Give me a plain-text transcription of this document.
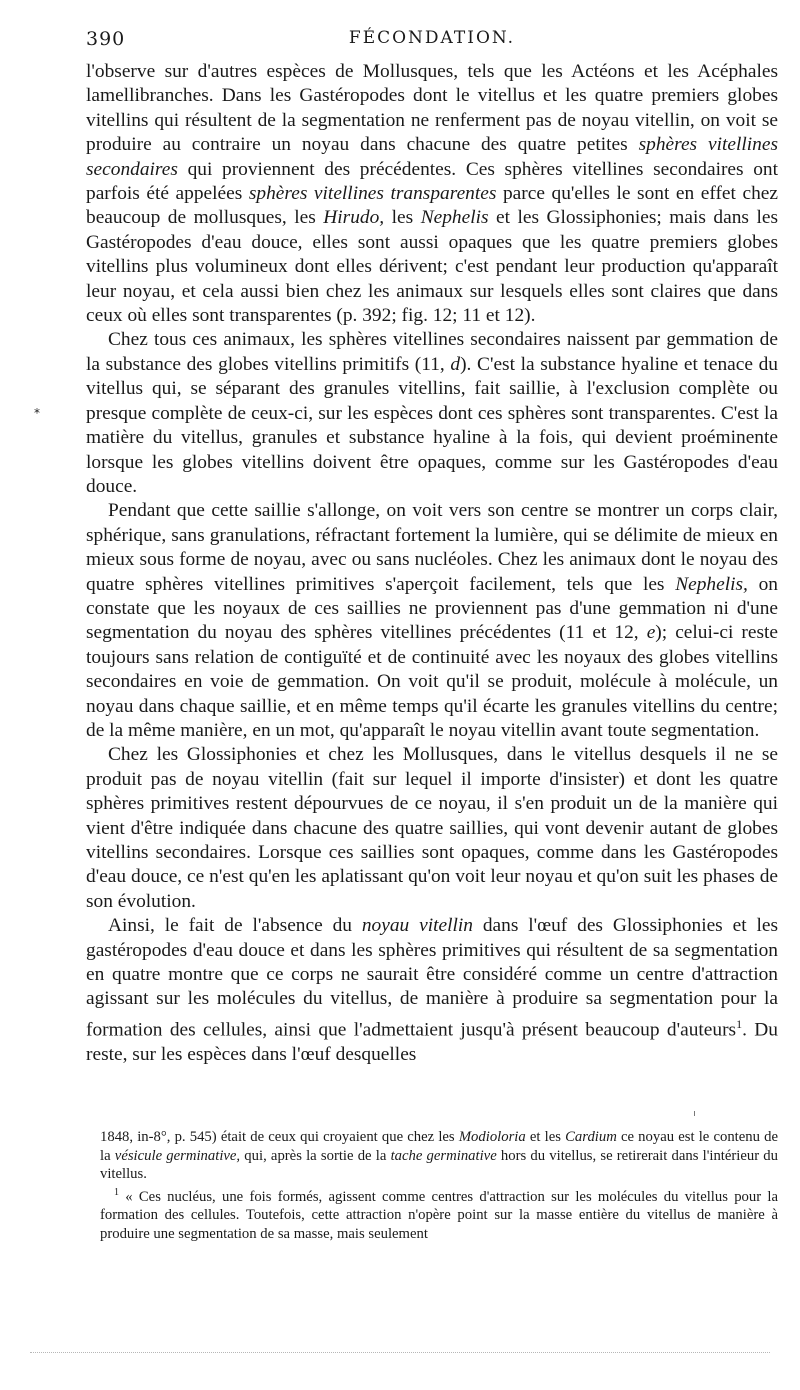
390	FÉCONDATION.
*

l'observe sur d'autres espèces de Mollusques, tels que les Actéons et les Acéphales lamellibranches. Dans les Gastéropodes dont le vitellus et les quatre premiers globes vitellins qui résultent de la segmentation ne renferment pas de noyau vitellin, on voit se produire au contraire un noyau dans chacune des quatre petites sphères vitellines secondaires qui proviennent des précédentes. Ces sphères vitellines secondaires ont parfois été appelées sphères vitellines transparentes parce qu'elles le sont en effet chez beaucoup de mollusques, les Hirudo, les Nephelis et les Glossiphonies; mais dans les Gastéropodes d'eau douce, elles sont aussi opaques que les quatre premiers globes vitellins plus volumineux dont elles dérivent; c'est pendant leur production qu'apparaît leur noyau, et cela aussi bien chez les animaux sur lesquels elles sont claires que dans ceux où elles sont transparentes (p. 392; fig. 12; 11 et 12).

Chez tous ces animaux, les sphères vitellines secondaires naissent par gemmation de la substance des globes vitellins primitifs (11, d). C'est la substance hyaline et tenace du vitellus qui, se séparant des granules vitellins, fait saillie, à l'exclusion complète ou presque complète de ceux-ci, sur les espèces dont ces sphères sont transparentes. C'est la matière du vitellus, granules et substance hyaline à la fois, qui devient proéminente lorsque les globes vitellins doivent être opaques, comme sur les Gastéropodes d'eau douce.

Pendant que cette saillie s'allonge, on voit vers son centre se montrer un corps clair, sphérique, sans granulations, réfractant fortement la lumière, qui se délimite de mieux en mieux sous forme de noyau, avec ou sans nucléoles. Chez les animaux dont le noyau des quatre sphères vitellines primitives s'aperçoit facilement, tels que les Nephelis, on constate que les noyaux de ces saillies ne proviennent pas d'une gemmation ni d'une segmentation du noyau des sphères vitellines précédentes (11 et 12, e); celui-ci reste toujours sans relation de contiguïté et de continuité avec les noyaux des globes vitellins secondaires en voie de gemmation. On voit qu'il se produit, molécule à molécule, un noyau dans chaque saillie, et en même temps qu'il écarte les granules vitellins du centre; de la même manière, en un mot, qu'apparaît le noyau vitellin avant toute segmentation.

Chez les Glossiphonies et chez les Mollusques, dans le vitellus desquels il ne se produit pas de noyau vitellin (fait sur lequel il importe d'insister) et dont les quatre sphères primitives restent dépourvues de ce noyau, il s'en produit un de la manière qui vient d'être indiquée dans chacune des quatre saillies, qui vont devenir autant de globes vitellins secondaires. Lorsque ces saillies sont opaques, comme dans les Gastéropodes d'eau douce, ce n'est qu'en les aplatissant qu'on voit leur noyau et qu'on suit les phases de son évolution.

Ainsi, le fait de l'absence du noyau vitellin dans l'œuf des Glossiphonies et les gastéropodes d'eau douce et dans les sphères primitives qui résultent de sa segmentation en quatre montre que ce corps ne saurait être considéré comme un centre d'attraction agissant sur les molécules du vitellus, de manière à produire sa segmentation pour la formation des cellules, ainsi que l'admettaient jusqu'à présent beaucoup d'auteurs$^1$. Du reste, sur les espèces dans l'œuf desquelles

1848, in-8°, p. 545) était de ceux qui croyaient que chez les Modioloria et les Cardium ce noyau est le contenu de la vésicule germinative, qui, après la sortie de la tache germinative hors du vitellus, se retirerait dans l'intérieur du vitellus.

$^1$ « Ces nucléus, une fois formés, agissent comme centres d'attraction sur les molécules du vitellus pour la formation des cellules. Toutefois, cette attraction n'opère point sur la masse entière du vitellus de manière à produire une segmentation de sa masse, mais seulement
